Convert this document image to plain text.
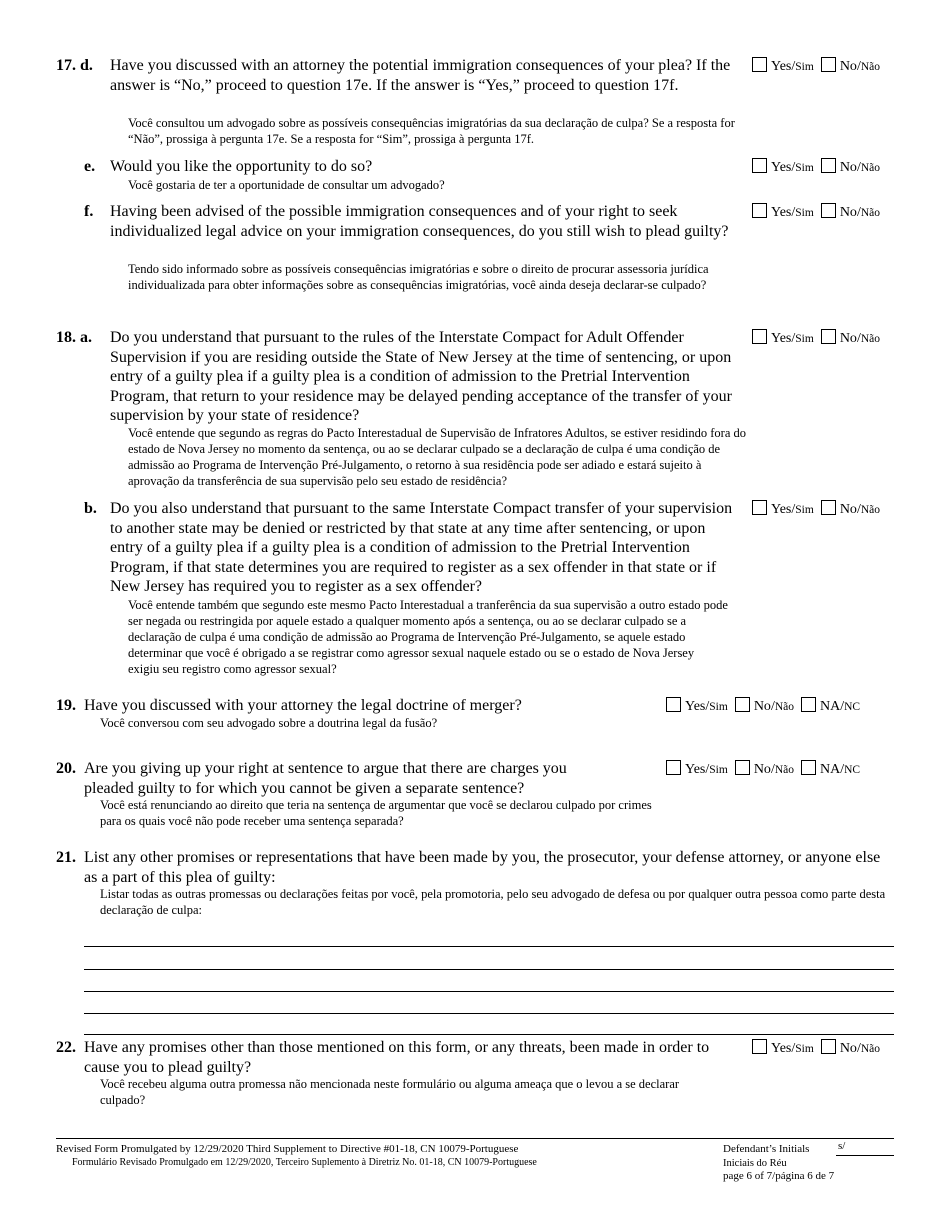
17. d. Have you discussed with an attorney the potential immigration consequences of your plea? If the answer is “No,” proceed to question 17e. If the answer is “Yes,” proceed to question 17f.
Você consultou um advogado sobre as possíveis consequências imigratórias da sua declaração de culpa? Se a resposta for “Não”, prossiga à pergunta 17e. Se a resposta for “Sim”, prossiga à pergunta 17f.
Yes/Sim No/Não
e. Would you like the opportunity to do so?
Você gostaria de ter a oportunidade de consultar um advogado?
Yes/Sim No/Não
f. Having been advised of the possible immigration consequences and of your right to seek individualized legal advice on your immigration consequences, do you still wish to plead guilty?
Tendo sido informado sobre as possíveis consequências imigratórias e sobre o direito de procurar assessoria jurídica individualizada para obter informações sobre as consequências imigratórias, você ainda deseja declarar-se culpado?
Yes/Sim No/Não
18. a. Do you understand that pursuant to the rules of the Interstate Compact for Adult Offender Supervision if you are residing outside the State of New Jersey at the time of sentencing, or upon entry of a guilty plea if a guilty plea is a condition of admission to the Pretrial Intervention Program, that return to your residence may be delayed pending acceptance of the transfer of your supervision by your state of residence?
Você entende que segundo as regras do Pacto Interestadual de Supervisão de Infratores Adultos, se estiver residindo fora do estado de Nova Jersey no momento da sentença, ou ao se declarar culpado se a declaração de culpa é uma condição de admissão ao Programa de Intervenção Pré-Julgamento, o retorno à sua residência pode ser adiado e estará sujeito à aprovação da transferência de sua supervisão pelo seu estado de residência?
Yes/Sim No/Não
b. Do you also understand that pursuant to the same Interstate Compact transfer of your supervision to another state may be denied or restricted by that state at any time after sentencing, or upon entry of a guilty plea if a guilty plea is a condition of admission to the Pretrial Intervention Program, if that state determines you are required to register as a sex offender in that state or if New Jersey has required you to register as a sex offender?
Você entende também que segundo este mesmo Pacto Interestadual a tranferência da sua supervisão a outro estado pode ser negada ou restringida por aquele estado a qualquer momento após a sentença, ou ao se declarar culpado se a declaração de culpa é uma condição de admissão ao Programa de Intervenção Pré-Julgamento, se aquele estado determinar que você é obrigado a se registrar como agressor sexual naquele estado ou se o estado de Nova Jersey exigiu seu registro como agressor sexual?
Yes/Sim No/Não
19. Have you discussed with your attorney the legal doctrine of merger?
Você conversou com seu advogado sobre a doutrina legal da fusão?
Yes/Sim No/Não NA/NC
20. Are you giving up your right at sentence to argue that there are charges you pleaded guilty to for which you cannot be given a separate sentence?
Você está renunciando ao direito que teria na sentença de argumentar que você se declarou culpado por crimes para os quais você não pode receber uma sentença separada?
Yes/Sim No/Não NA/NC
21. List any other promises or representations that have been made by you, the prosecutor, your defense attorney, or anyone else as a part of this plea of guilty:
Listar todas as outras promessas ou declarações feitas por você, pela promotoria, pelo seu advogado de defesa ou por qualquer outra pessoa como parte desta declaração de culpa:
22. Have any promises other than those mentioned on this form, or any threats, been made in order to cause you to plead guilty?
Você recebeu alguma outra promessa não mencionada neste formulário ou alguma ameaça que o levou a se declarar culpado?
Yes/Sim No/Não
Revised Form Promulgated by 12/29/2020 Third Supplement to Directive #01-18, CN 10079-Portuguese
Formulário Revisado Promulgado em 12/29/2020, Terceiro Suplemento à Diretriz No. 01-18, CN 10079-Portuguese
Defendant’s Initials	s/
Iniciais do Réu
page 6 of 7/página 6 de 7
